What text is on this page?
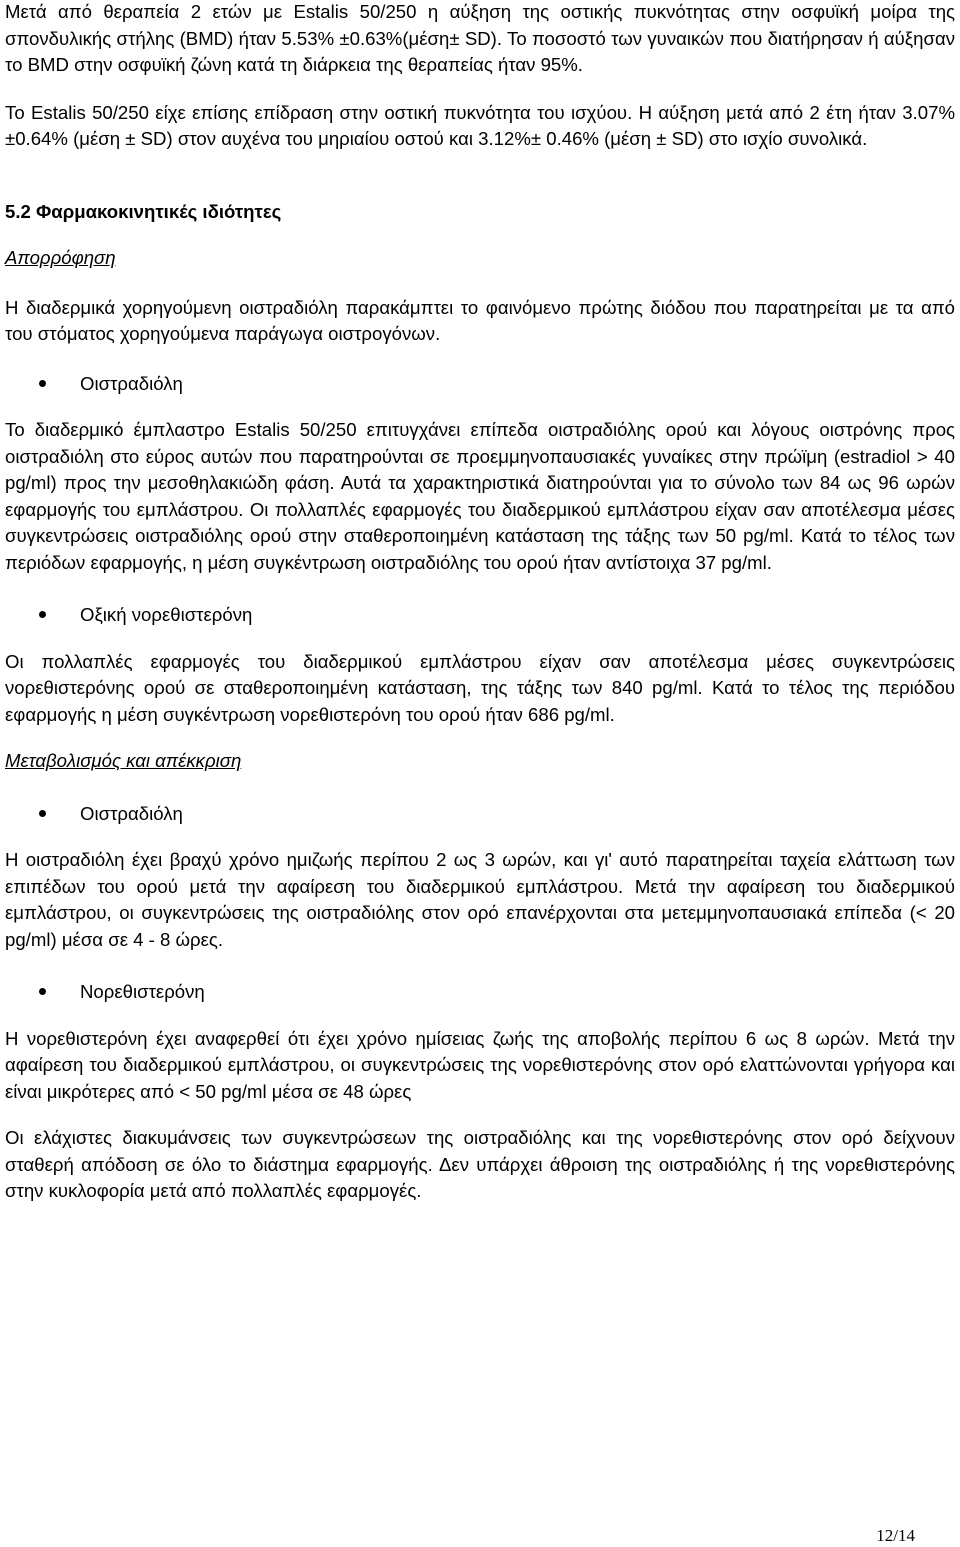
Μετά από θεραπεία 2 ετών με Estalis 50/250 η αύξηση της οστικής πυκνότητας στην οσφυϊκή μοίρα της σπονδυλικής στήλης (BMD) ήταν 5.53% ±0.63%(μέση± SD). Το ποσοστό των γυναικών που διατήρησαν ή αύξησαν το BMD στην οσφυϊκή ζώνη κατά τη διάρκεια της θεραπείας ήταν 95%.

Το Estalis 50/250 είχε επίσης επίδραση στην οστική πυκνότητα του ισχύου. Η αύξηση μετά από 2 έτη ήταν 3.07%±0.64% (μέση ± SD) στον αυχένα του μηριαίου οστού και 3.12%± 0.46% (μέση ± SD) στο ισχίο συνολικά.

5.2 Φαρμακοκινητικές ιδιότητες

Απορρόφηση

Η διαδερμικά χορηγούμενη οιστραδιόλη παρακάμπτει το φαινόμενο πρώτης διόδου που παρατηρείται με τα από του στόματος χορηγούμενα παράγωγα οιστρογόνων.

Οιστραδιόλη

Το διαδερμικό έμπλαστρο Estalis 50/250 επιτυγχάνει επίπεδα οιστραδιόλης ορού και λόγους οιστρόνης προς οιστραδιόλη στο εύρος αυτών που παρατηρούνται σε προεμμηνοπαυσιακές γυναίκες στην πρώϊμη (estradiol > 40 pg/ml) προς την μεσοθηλακιώδη φάση. Αυτά τα χαρακτηριστικά διατηρούνται για το σύνολο των 84 ως 96 ωρών εφαρμογής του εμπλάστρου. Οι πολλαπλές εφαρμογές του διαδερμικού εμπλάστρου είχαν σαν αποτέλεσμα μέσες συγκεντρώσεις οιστραδιόλης ορού στην σταθεροποιημένη κατάσταση της τάξης των 50 pg/ml. Κατά το τέλος των περιόδων εφαρμογής, η μέση συγκέντρωση οιστραδιόλης του ορού ήταν αντίστοιχα 37 pg/ml.

Οξική νορεθιστερόνη

Οι πολλαπλές εφαρμογές του διαδερμικού εμπλάστρου είχαν σαν αποτέλεσμα μέσες συγκεντρώσεις νορεθιστερόνης ορού σε σταθεροποιημένη κατάσταση, της τάξης των 840 pg/ml. Κατά το τέλος της περιόδου εφαρμογής η μέση συγκέντρωση νορεθιστερόνη του ορού ήταν 686 pg/ml.

Μεταβολισμός και απέκκριση

Οιστραδιόλη

Η οιστραδιόλη έχει βραχύ χρόνο ημιζωής περίπου 2 ως 3 ωρών, και γι' αυτό παρατηρείται ταχεία ελάττωση των επιπέδων του ορού μετά την αφαίρεση του διαδερμικού εμπλάστρου. Μετά την αφαίρεση του διαδερμικού εμπλάστρου, οι συγκεντρώσεις της οιστραδιόλης στον ορό επανέρχονται στα μετεμμηνοπαυσιακά επίπεδα (< 20 pg/ml) μέσα σε 4 - 8 ώρες.

Νορεθιστερόνη

Η νορεθιστερόνη έχει αναφερθεί ότι έχει χρόνο ημίσειας ζωής της αποβολής περίπου 6 ως 8 ωρών. Μετά την αφαίρεση του διαδερμικού εμπλάστρου, οι συγκεντρώσεις της νορεθιστερόνης στον ορό ελαττώνονται γρήγορα και είναι μικρότερες από < 50 pg/ml μέσα σε 48 ώρες

Οι ελάχιστες διακυμάνσεις των συγκεντρώσεων της οιστραδιόλης και της νορεθιστερόνης στον ορό δείχνουν σταθερή απόδοση σε όλο το διάστημα εφαρμογής. Δεν υπάρχει άθροιση της οιστραδιόλης ή της νορεθιστερόνης στην κυκλοφορία μετά από πολλαπλές εφαρμογές.

12/14
